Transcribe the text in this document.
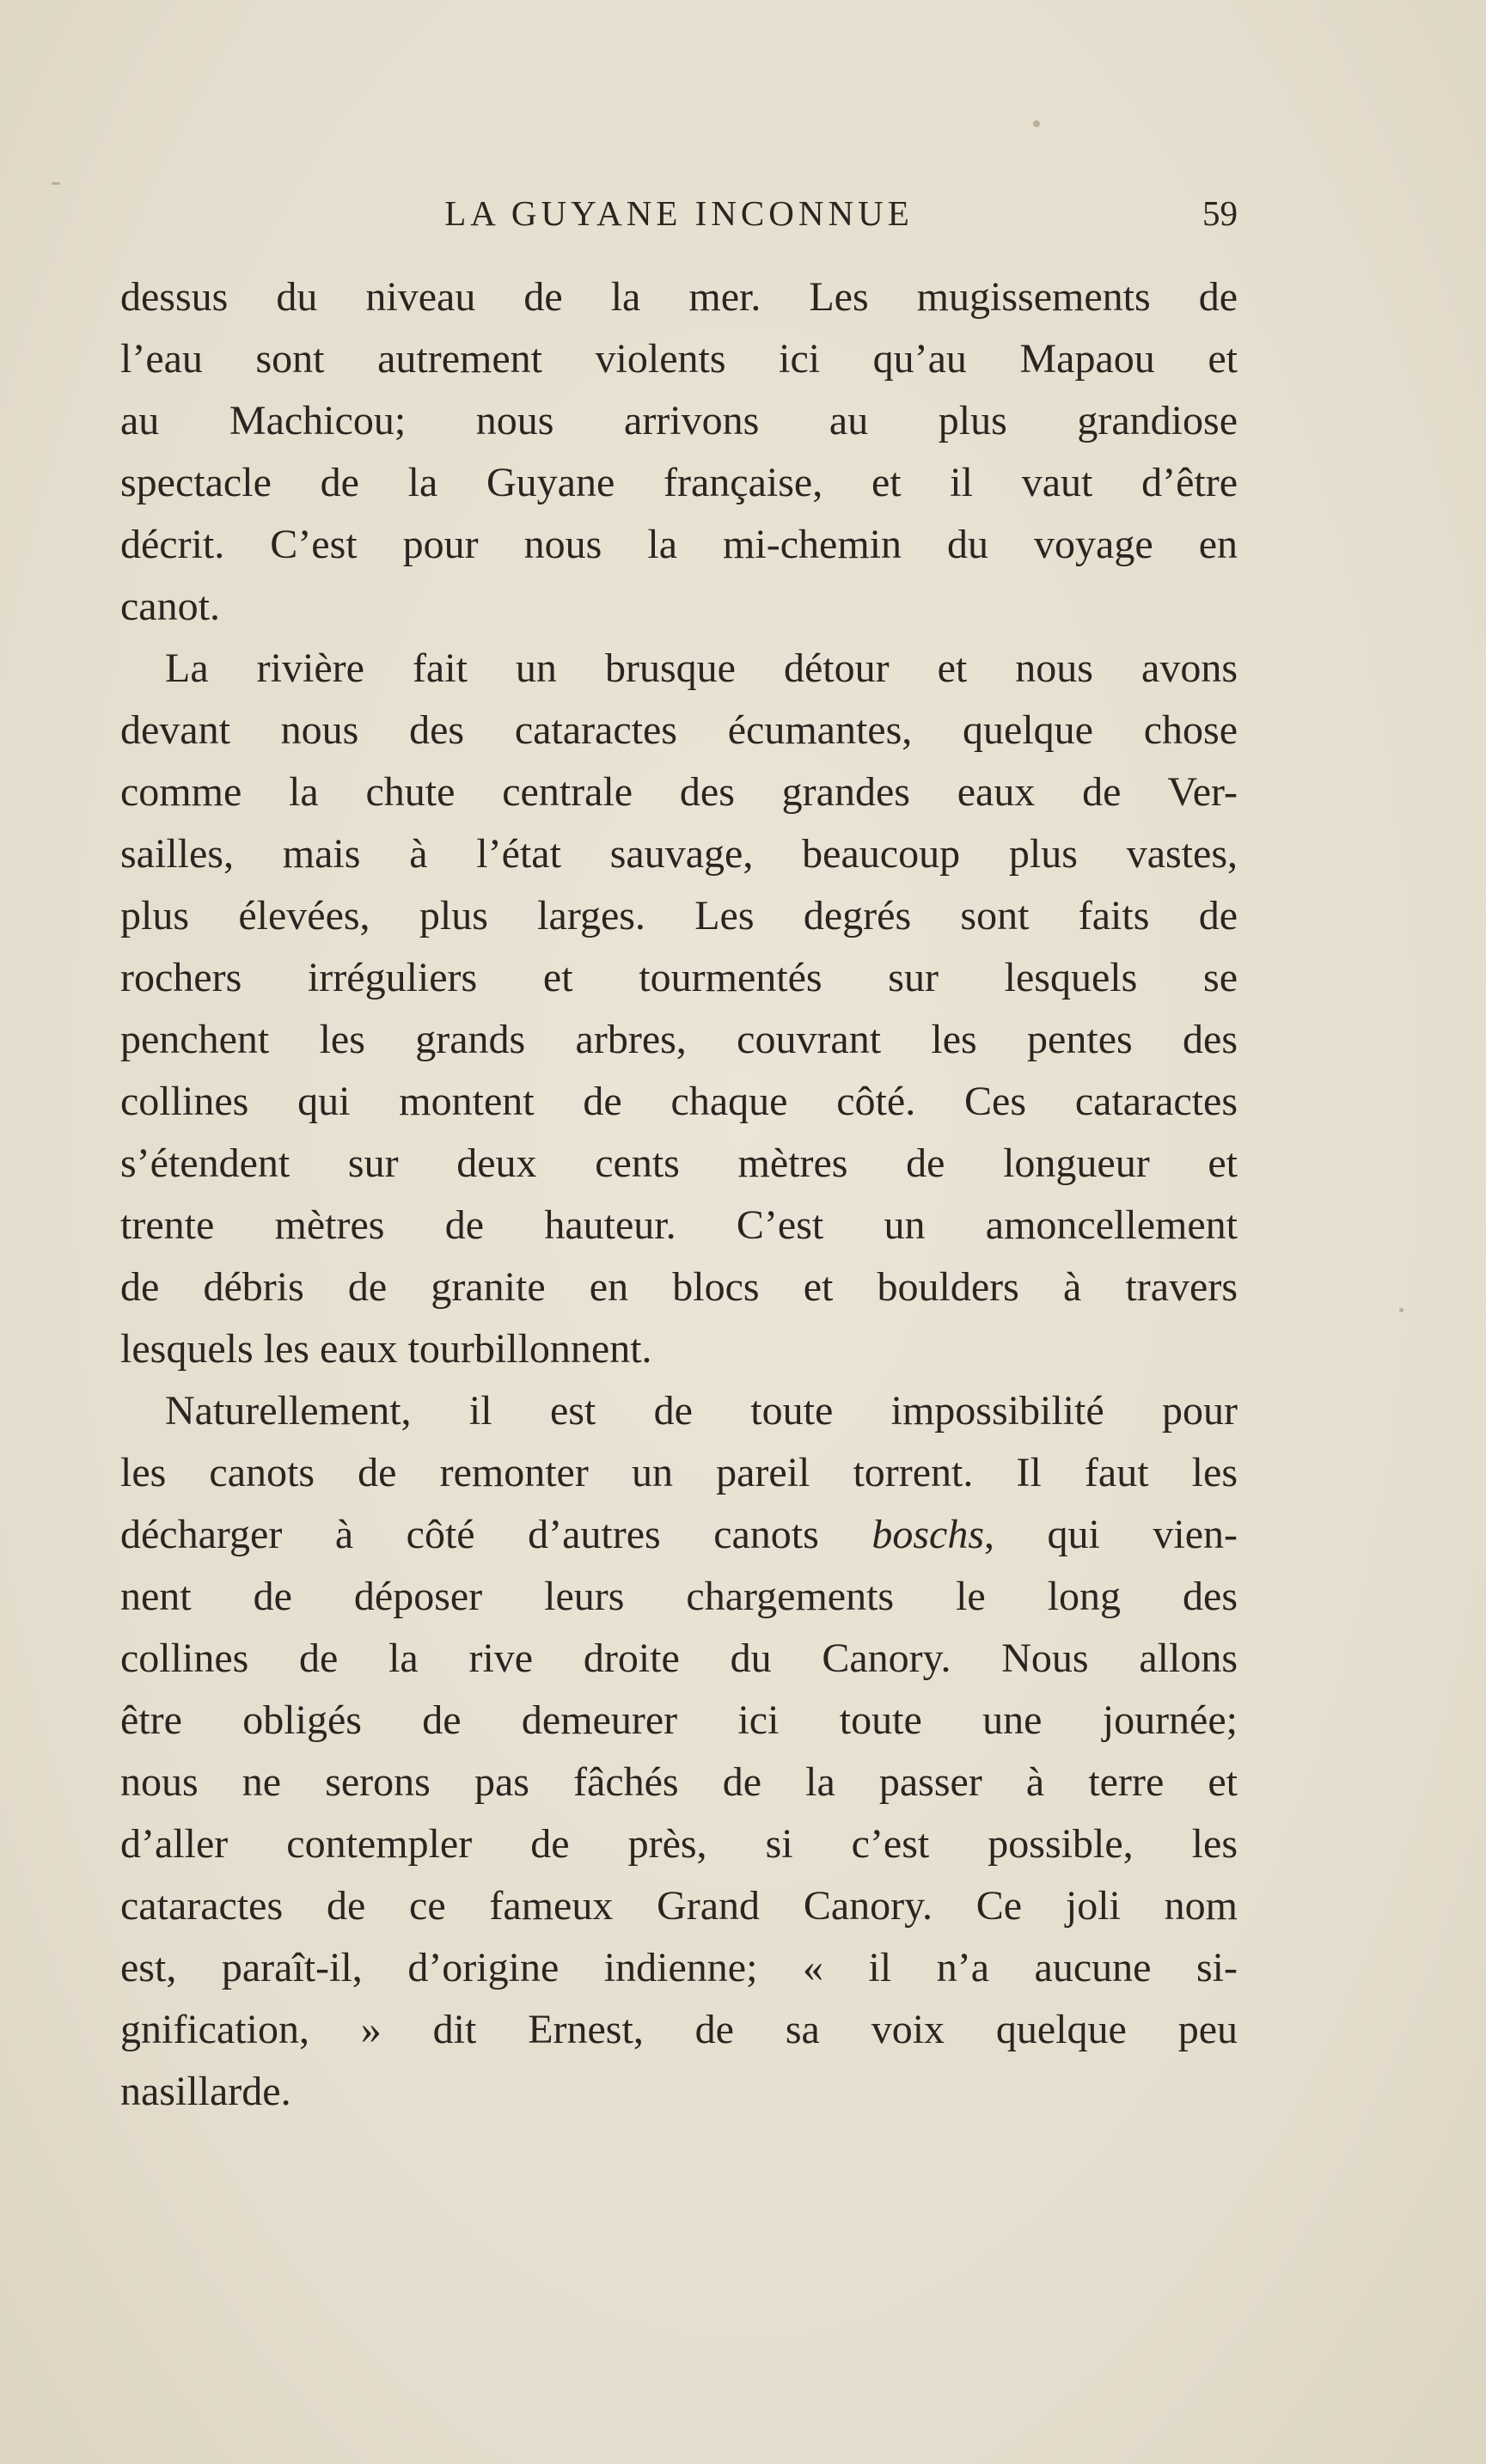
LA GUYANE INCONNUE	59
dessus du niveau de la mer. Les mugissements de
l’eau sont autrement violents ici qu’au Mapaou et
au Machicou; nous arrivons au plus grandiose
spectacle de la Guyane française, et il vaut d’être
décrit. C’est pour nous la mi-chemin du voyage en
canot.
La rivière fait un brusque détour et nous avons
devant nous des cataractes écumantes, quelque chose
comme la chute centrale des grandes eaux de Ver-
sailles, mais à l’état sauvage, beaucoup plus vastes,
plus élevées, plus larges. Les degrés sont faits de
rochers irréguliers et tourmentés sur lesquels se
penchent les grands arbres, couvrant les pentes des
collines qui montent de chaque côté. Ces cataractes
s’étendent sur deux cents mètres de longueur et
trente mètres de hauteur. C’est un amoncellement
de débris de granite en blocs et boulders à travers
lesquels les eaux tourbillonnent.
Naturellement, il est de toute impossibilité pour
les canots de remonter un pareil torrent. Il faut les
décharger à côté d’autres canots boschs, qui vien-
nent de déposer leurs chargements le long des
collines de la rive droite du Canory. Nous allons
être obligés de demeurer ici toute une journée;
nous ne serons pas fâchés de la passer à terre et
d’aller contempler de près, si c’est possible, les
cataractes de ce fameux Grand Canory. Ce joli nom
est, paraît-il, d’origine indienne; « il n’a aucune si-
gnification, » dit Ernest, de sa voix quelque peu
nasillarde.
